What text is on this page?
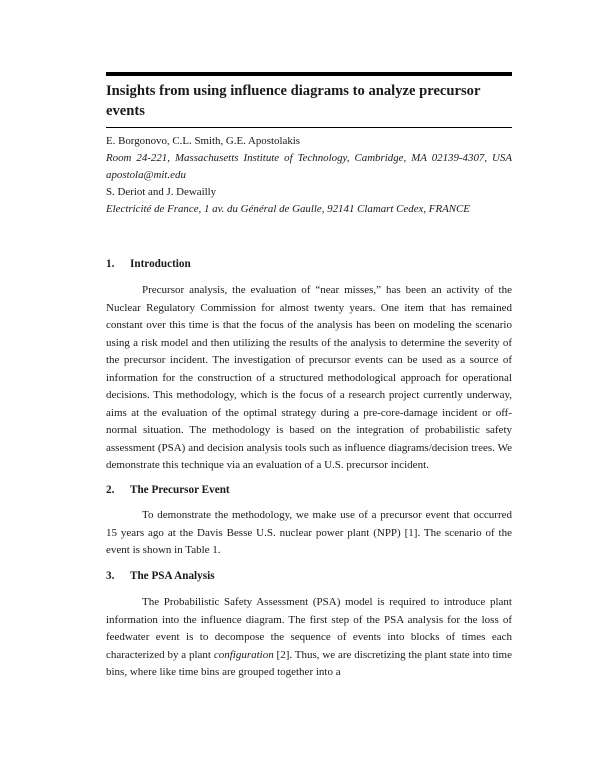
Insights from using influence diagrams to analyze precursor events

E. Borgonovo, C.L. Smith, G.E. Apostolakis

Room 24-221, Massachusetts Institute of Technology, Cambridge, MA 02139-4307, USA apostola@mit.edu

S. Deriot and J. Dewailly

Electricité de France, 1 av. du Général de Gaulle, 92141 Clamart Cedex, FRANCE

1. Introduction

Precursor analysis, the evaluation of “near misses,” has been an activity of the Nuclear Regulatory Commission for almost twenty years. One item that has remained constant over this time is that the focus of the analysis has been on modeling the scenario using a risk model and then utilizing the results of the analysis to determine the severity of the precursor incident. The investigation of precursor events can be used as a source of information for the construction of a structured methodological approach for operational decisions. This methodology, which is the focus of a research project currently underway, aims at the evaluation of the optimal strategy during a pre-core-damage incident or off-normal situation. The methodology is based on the integration of probabilistic safety assessment (PSA) and decision analysis tools such as influence diagrams/decision trees. We demonstrate this technique via an evaluation of a U.S. precursor incident.

2. The Precursor Event

To demonstrate the methodology, we make use of a precursor event that occurred 15 years ago at the Davis Besse U.S. nuclear power plant (NPP) [1]. The scenario of the event is shown in Table 1.

3. The PSA Analysis

The Probabilistic Safety Assessment (PSA) model is required to introduce plant information into the influence diagram. The first step of the PSA analysis for the loss of feedwater event is to decompose the sequence of events into blocks of times each characterized by a plant configuration [2]. Thus, we are discretizing the plant state into time bins, where like time bins are grouped together into a
